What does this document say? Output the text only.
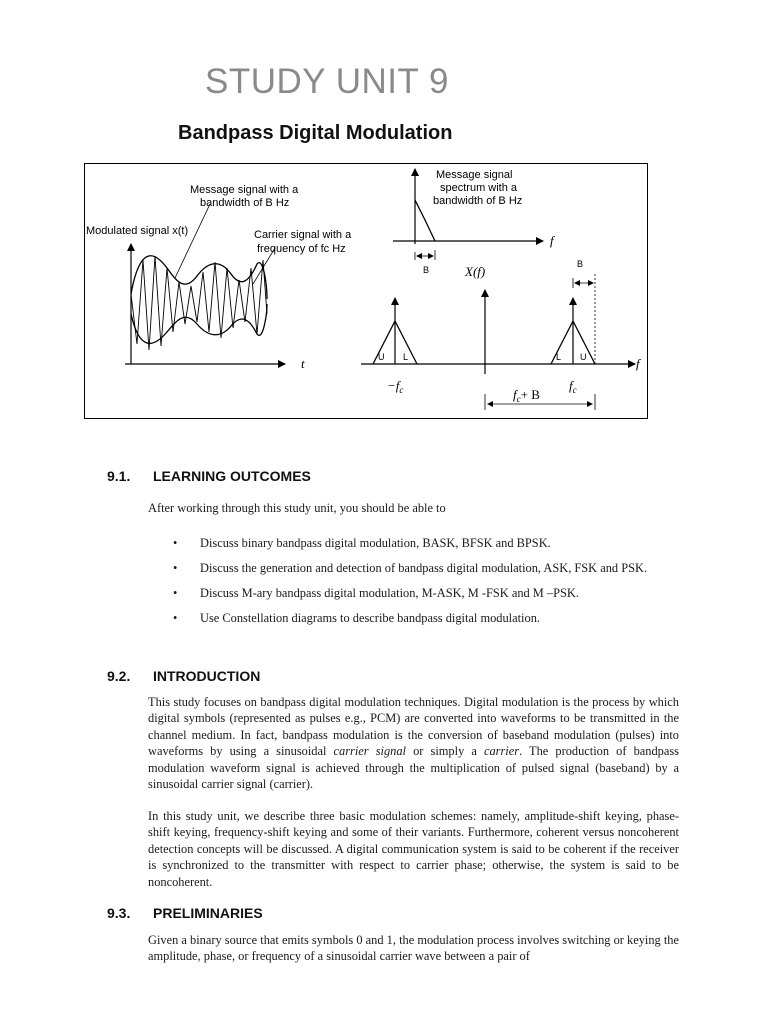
STUDY UNIT 9
Bandpass Digital Modulation
Message signal with a
bandwidth of B Hz
Modulated signal x(t)	Carrier signal with a
frequency of fc Hz
t
B
Message signal
spectrum with a
bandwidth of B Hz
f
X(f)
f
U L
$-f_c$
L U
$f_c$
B
$f_c+ B$
9.1. LEARNING OUTCOMES

After working through this study unit, you should be able to

• Discuss binary bandpass digital modulation, BASK, BFSK and BPSK.
• Discuss the generation and detection of bandpass digital modulation, ASK, FSK and PSK.
• Discuss M-ary bandpass digital modulation, M-ASK, M -FSK and M –PSK.
• Use Constellation diagrams to describe bandpass digital modulation.
9.2. INTRODUCTION

This study focuses on bandpass digital modulation techniques. Digital modulation is the process by which digital symbols (represented as pulses e.g., PCM) are converted into waveforms to be transmitted in the channel medium. In fact, bandpass modulation is the conversion of baseband modulation (pulses) into waveforms by using a sinusoidal carrier signal or simply a carrier. The production of bandpass modulation waveform signal is achieved through the multiplication of pulsed signal (baseband) by a sinusoidal carrier signal (carrier).

In this study unit, we describe three basic modulation schemes: namely, amplitude-shift keying, phase-shift keying, frequency-shift keying and some of their variants. Furthermore, coherent versus noncoherent detection concepts will be discussed. A digital communication system is said to be coherent if the receiver is synchronized to the transmitter with respect to carrier phase; otherwise, the system is said to be noncoherent.

9.3. PRELIMINARIES

Given a binary source that emits symbols 0 and 1, the modulation process involves switching or keying the amplitude, phase, or frequency of a sinusoidal carrier wave between a pair of
